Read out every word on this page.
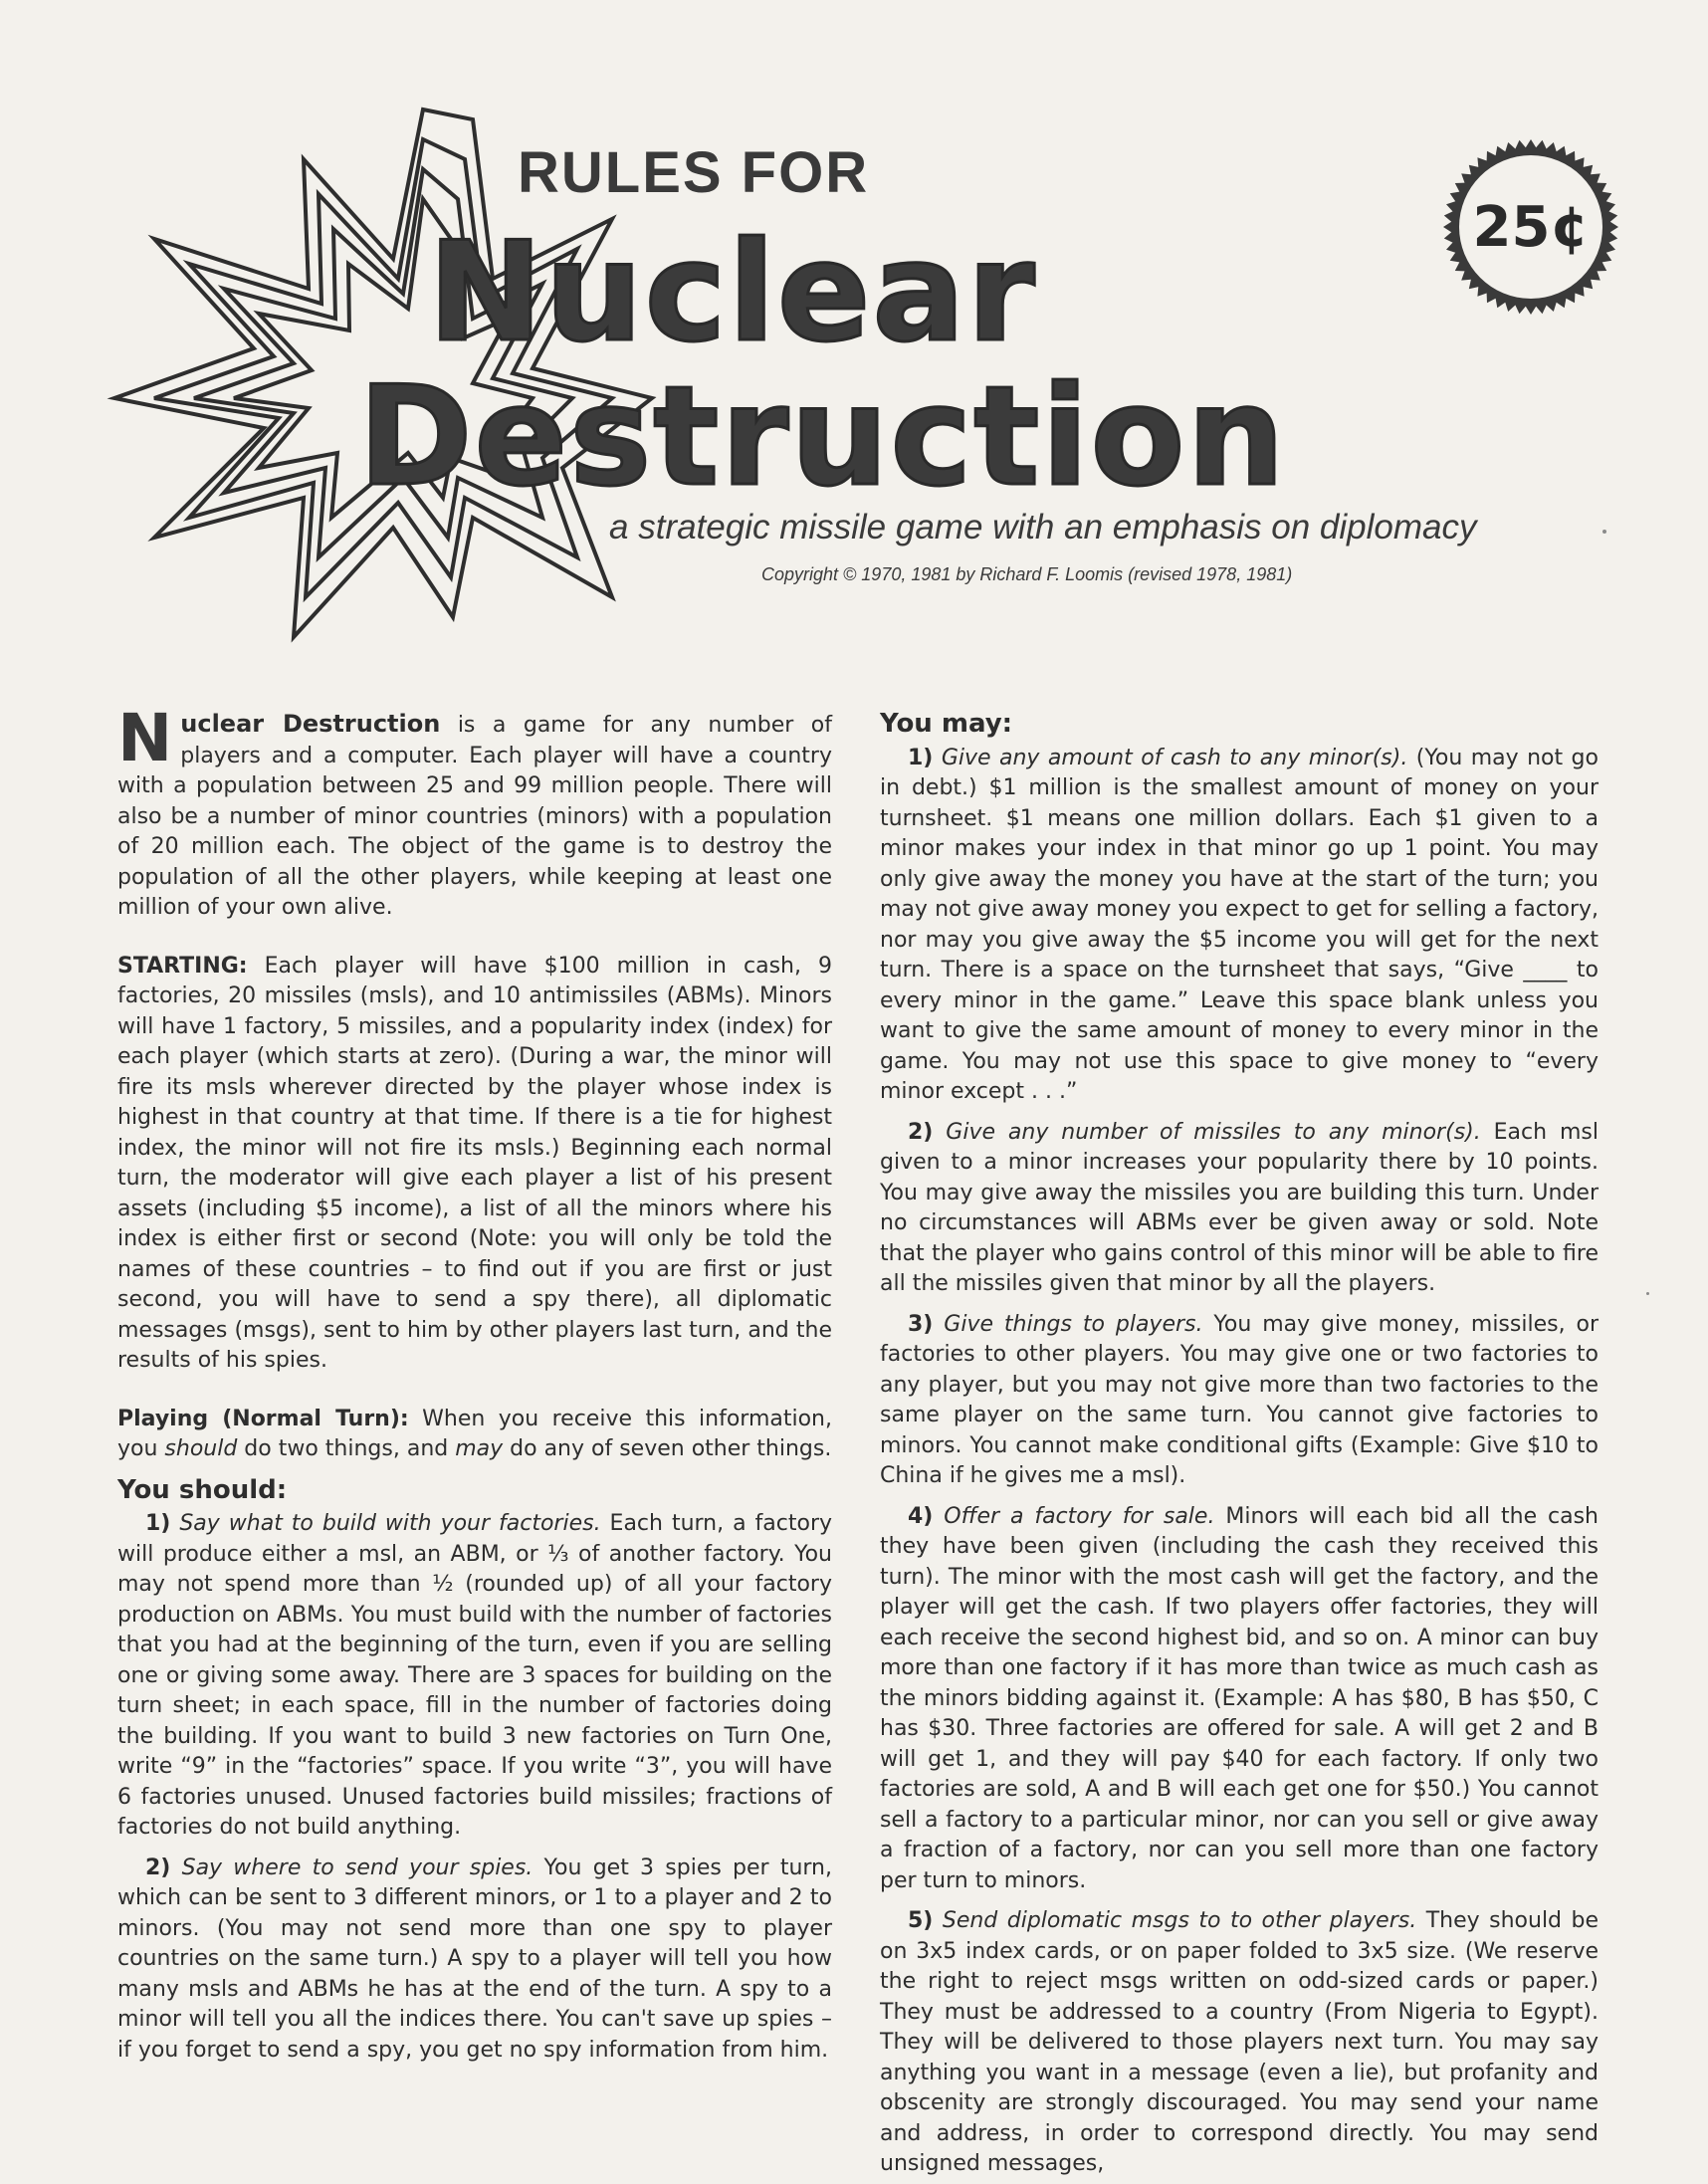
RULES FOR
Nuclear
Destruction
a strategic missile game with an emphasis on diplomacy
Copyright © 1970, 1981 by Richard F. Loomis (revised 1978, 1981)
25¢

Nuclear Destruction is a game for any number of players and a computer. Each player will have a country with a population between 25 and 99 million people. There will also be a number of minor countries (minors) with a population of 20 million each. The object of the game is to destroy the population of all the other players, while keeping at least one million of your own alive.

STARTING: Each player will have $100 million in cash, 9 factories, 20 missiles (msls), and 10 antimissiles (ABMs). Minors will have 1 factory, 5 missiles, and a popularity index (index) for each player (which starts at zero). (During a war, the minor will fire its msls wherever directed by the player whose index is highest in that country at that time. If there is a tie for highest index, the minor will not fire its msls.) Beginning each normal turn, the moderator will give each player a list of his present assets (including $5 income), a list of all the minors where his index is either first or second (Note: you will only be told the names of these countries – to find out if you are first or just second, you will have to send a spy there), all diplomatic messages (msgs), sent to him by other players last turn, and the results of his spies.

Playing (Normal Turn): When you receive this information, you should do two things, and may do any of seven other things.

You should:

1) Say what to build with your factories. Each turn, a factory will produce either a msl, an ABM, or ⅓ of another factory. You may not spend more than ½ (rounded up) of all your factory production on ABMs. You must build with the number of factories that you had at the beginning of the turn, even if you are selling one or giving some away. There are 3 spaces for building on the turn sheet; in each space, fill in the number of factories doing the building. If you want to build 3 new factories on Turn One, write “9” in the “factories” space. If you write “3”, you will have 6 factories unused. Unused factories build missiles; fractions of factories do not build anything.

2) Say where to send your spies. You get 3 spies per turn, which can be sent to 3 different minors, or 1 to a player and 2 to minors. (You may not send more than one spy to player countries on the same turn.) A spy to a player will tell you how many msls and ABMs he has at the end of the turn. A spy to a minor will tell you all the indices there. You can't save up spies – if you forget to send a spy, you get no spy information from him.

You may:

1) Give any amount of cash to any minor(s). (You may not go in debt.) $1 million is the smallest amount of money on your turnsheet. $1 means one million dollars. Each $1 given to a minor makes your index in that minor go up 1 point. You may only give away the money you have at the start of the turn; you may not give away money you expect to get for selling a factory, nor may you give away the $5 income you will get for the next turn. There is a space on the turnsheet that says, “Give ____ to every minor in the game.” Leave this space blank unless you want to give the same amount of money to every minor in the game. You may not use this space to give money to “every minor except . . .”

2) Give any number of missiles to any minor(s). Each msl given to a minor increases your popularity there by 10 points. You may give away the missiles you are building this turn. Under no circumstances will ABMs ever be given away or sold. Note that the player who gains control of this minor will be able to fire all the missiles given that minor by all the players.

3) Give things to players. You may give money, missiles, or factories to other players. You may give one or two factories to any player, but you may not give more than two factories to the same player on the same turn. You cannot give factories to minors. You cannot make conditional gifts (Example: Give $10 to China if he gives me a msl).

4) Offer a factory for sale. Minors will each bid all the cash they have been given (including the cash they received this turn). The minor with the most cash will get the factory, and the player will get the cash. If two players offer factories, they will each receive the second highest bid, and so on. A minor can buy more than one factory if it has more than twice as much cash as the minors bidding against it. (Example: A has $80, B has $50, C has $30. Three factories are offered for sale. A will get 2 and B will get 1, and they will pay $40 for each factory. If only two factories are sold, A and B will each get one for $50.) You cannot sell a factory to a particular minor, nor can you sell or give away a fraction of a factory, nor can you sell more than one factory per turn to minors.

5) Send diplomatic msgs to to other players. They should be on 3x5 index cards, or on paper folded to 3x5 size. (We reserve the right to reject msgs written on odd-sized cards or paper.) They must be addressed to a country (From Nigeria to Egypt). They will be delivered to those players next turn. You may say anything you want in a message (even a lie), but profanity and obscenity are strongly discouraged. You may send your name and address, in order to correspond directly. You may send unsigned messages,
